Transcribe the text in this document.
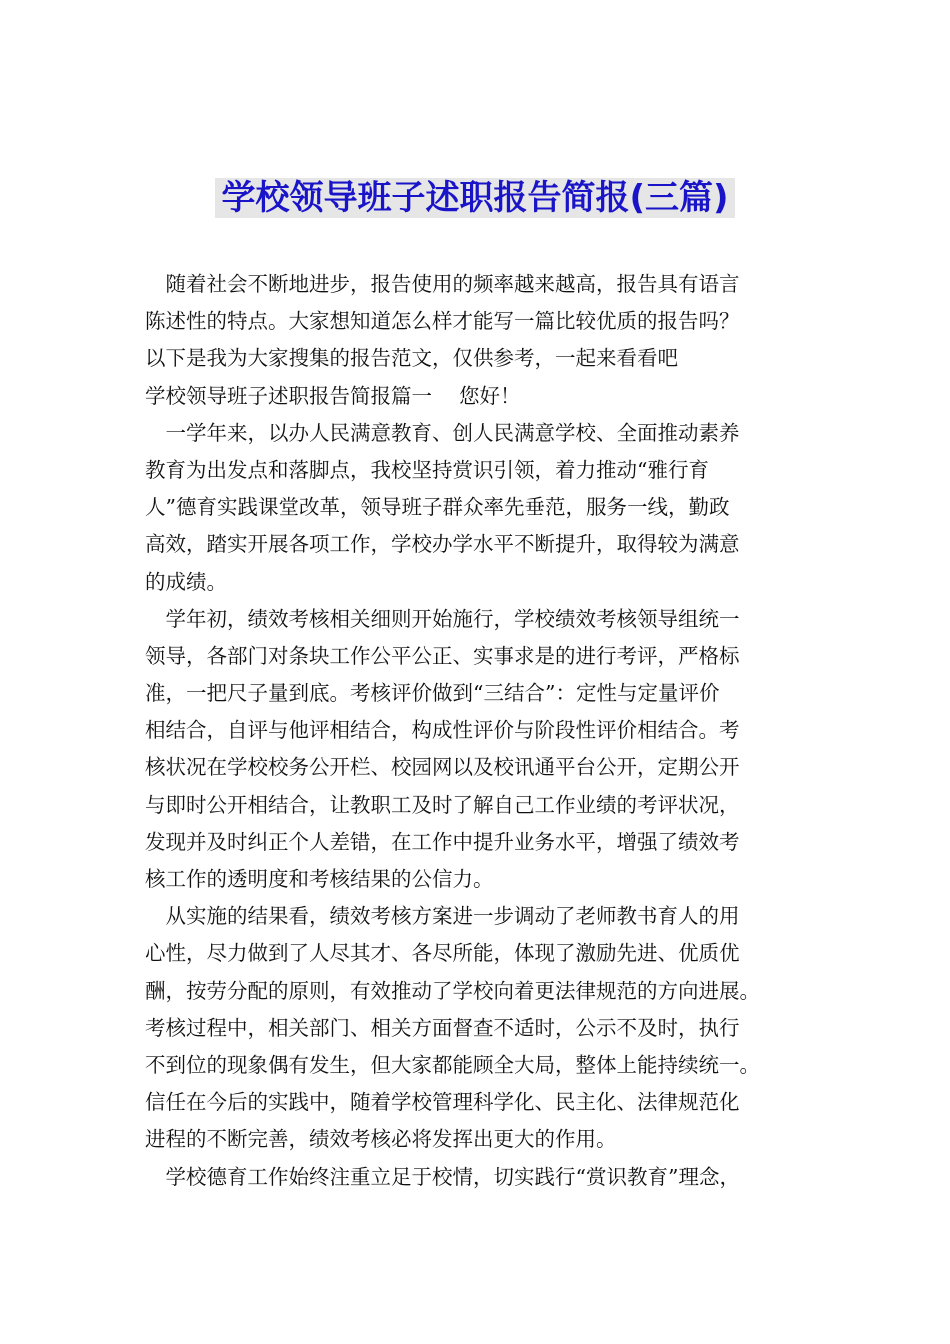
学校领导班子述职报告简报(三篇)
　随着社会不断地进步，报告使用的频率越来越高，报告具有语言
陈述性的特点。大家想知道怎么样才能写一篇比较优质的报告吗？
以下是我为大家搜集的报告范文，仅供参考，一起来看看吧
学校领导班子述职报告简报篇一　 您好！
　一学年来，以办人民满意教育、创人民满意学校、全面推动素养
教育为出发点和落脚点，我校坚持赏识引领，着力推动“雅行育
人”德育实践课堂改革，领导班子群众率先垂范，服务一线，勤政
高效，踏实开展各项工作，学校办学水平不断提升，取得较为满意
的成绩。
　学年初，绩效考核相关细则开始施行，学校绩效考核领导组统一
领导，各部门对条块工作公平公正、实事求是的进行考评，严格标
准，一把尺子量到底。考核评价做到“三结合”：定性与定量评价
相结合，自评与他评相结合，构成性评价与阶段性评价相结合。考
核状况在学校校务公开栏、校园网以及校讯通平台公开，定期公开
与即时公开相结合，让教职工及时了解自己工作业绩的考评状况，
发现并及时纠正个人差错，在工作中提升业务水平，增强了绩效考
核工作的透明度和考核结果的公信力。
　从实施的结果看，绩效考核方案进一步调动了老师教书育人的用
心性，尽力做到了人尽其才、各尽所能，体现了激励先进、优质优
酬，按劳分配的原则，有效推动了学校向着更法律规范的方向进展。
考核过程中，相关部门、相关方面督查不适时，公示不及时，执行
不到位的现象偶有发生，但大家都能顾全大局，整体上能持续统一。
信任在今后的实践中，随着学校管理科学化、民主化、法律规范化
进程的不断完善，绩效考核必将发挥出更大的作用。
　学校德育工作始终注重立足于校情，切实践行“赏识教育”理念，
